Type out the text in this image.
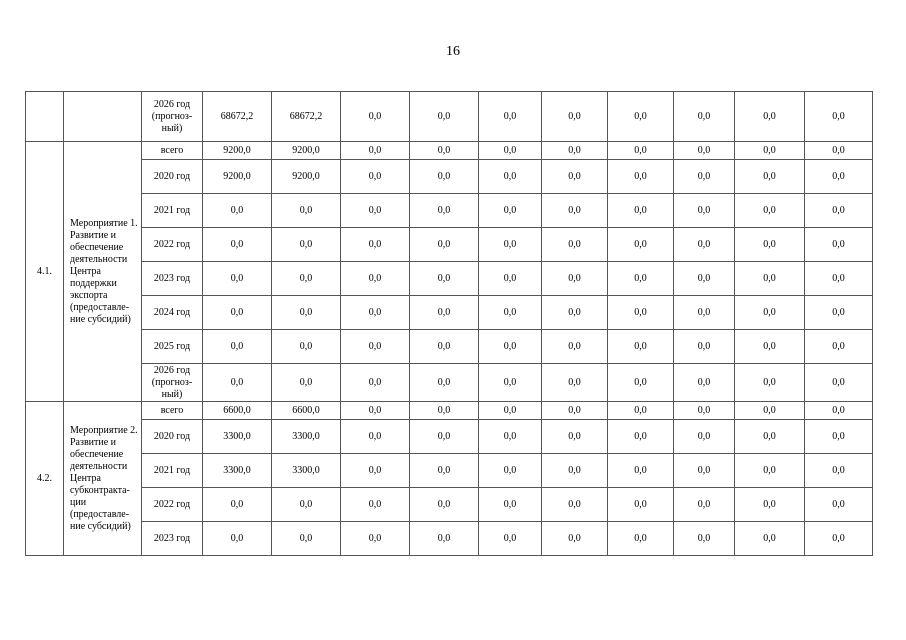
16
		2026 год (прогноз-ный)	68672,2	68672,2	0,0	0,0	0,0	0,0	0,0	0,0	0,0	0,0
4.1.	Мероприятие 1. Развитие и обеспечение деятельности Центра поддержки экспорта (предоставле-ние субсидий)	всего	9200,0	9200,0	0,0	0,0	0,0	0,0	0,0	0,0	0,0	0,0
		2020 год	9200,0	9200,0	0,0	0,0	0,0	0,0	0,0	0,0	0,0	0,0
		2021 год	0,0	0,0	0,0	0,0	0,0	0,0	0,0	0,0	0,0	0,0
		2022 год	0,0	0,0	0,0	0,0	0,0	0,0	0,0	0,0	0,0	0,0
		2023 год	0,0	0,0	0,0	0,0	0,0	0,0	0,0	0,0	0,0	0,0
		2024 год	0,0	0,0	0,0	0,0	0,0	0,0	0,0	0,0	0,0	0,0
		2025 год	0,0	0,0	0,0	0,0	0,0	0,0	0,0	0,0	0,0	0,0
		2026 год (прогноз-ный)	0,0	0,0	0,0	0,0	0,0	0,0	0,0	0,0	0,0	0,0
4.2.	Мероприятие 2. Развитие и обеспечение деятельности Центра субконтракта-ции (предоставле-ние субсидий)	всего	6600,0	6600,0	0,0	0,0	0,0	0,0	0,0	0,0	0,0	0,0
		2020 год	3300,0	3300,0	0,0	0,0	0,0	0,0	0,0	0,0	0,0	0,0
		2021 год	3300,0	3300,0	0,0	0,0	0,0	0,0	0,0	0,0	0,0	0,0
		2022 год	0,0	0,0	0,0	0,0	0,0	0,0	0,0	0,0	0,0	0,0
		2023 год	0,0	0,0	0,0	0,0	0,0	0,0	0,0	0,0	0,0	0,0
